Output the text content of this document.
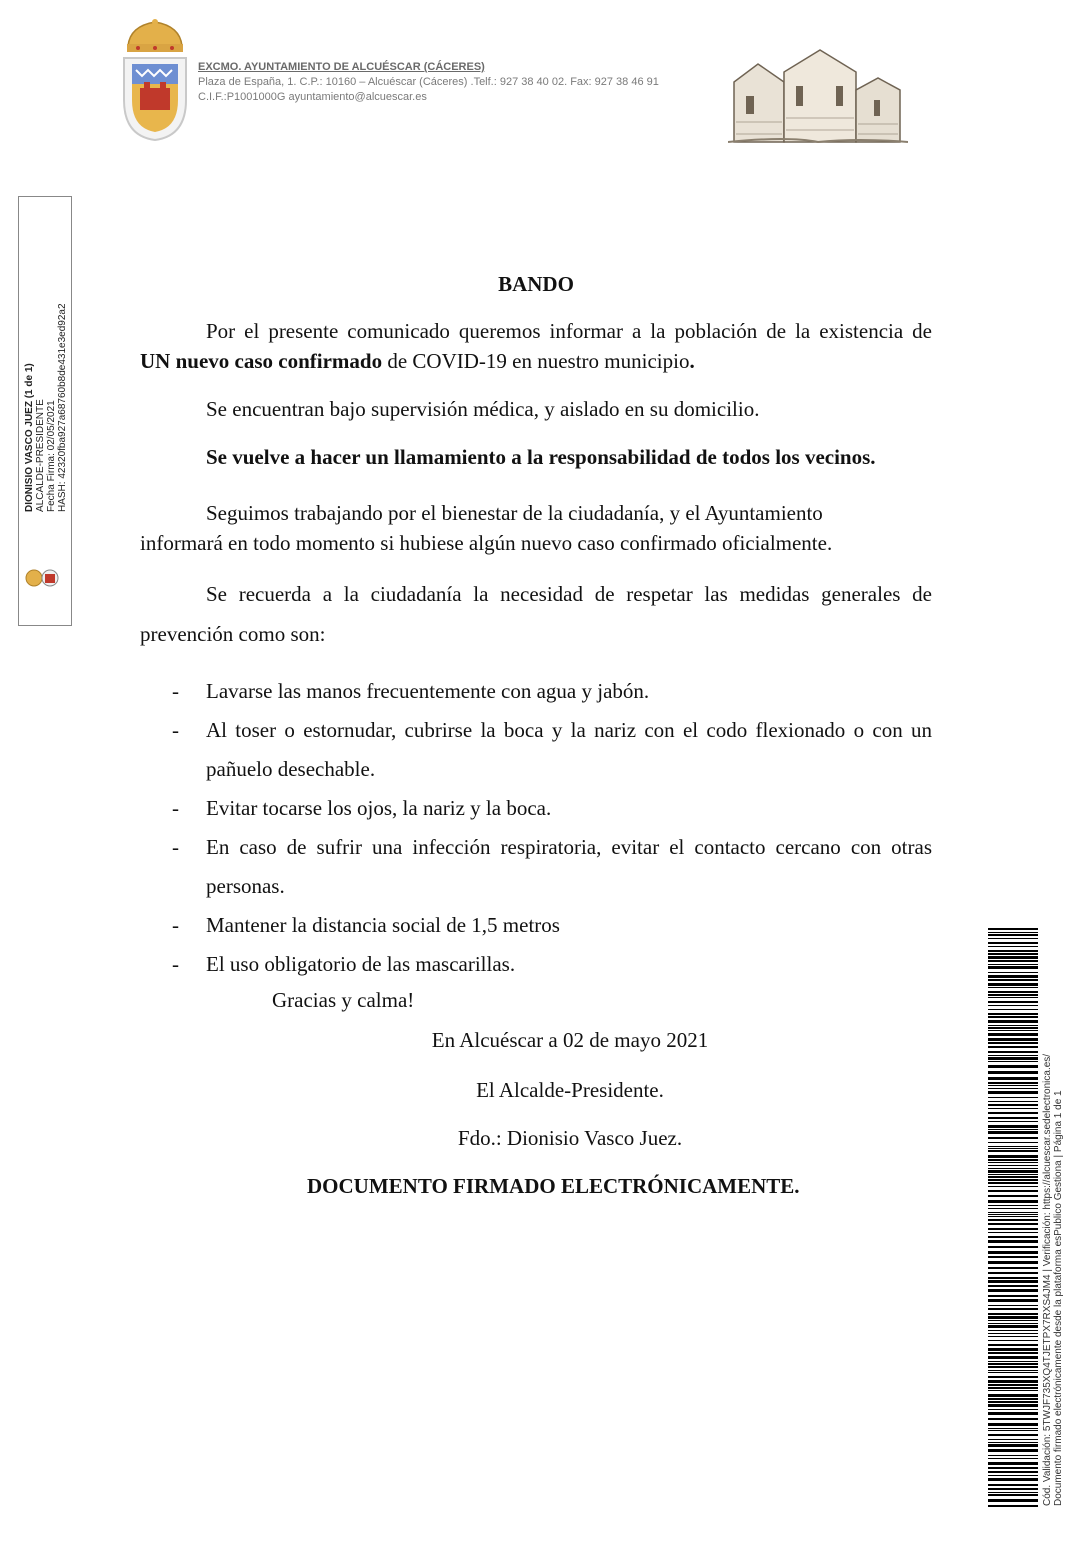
EXCMO. AYUNTAMIENTO DE ALCUÉSCAR (CÁCERES)
Plaza de España, 1. C.P.: 10160 – Alcuéscar (Cáceres) .Telf.: 927 38 40 02. Fax: 927 38 46 91
C.I.F.:P1001000G ayuntamiento@alcuescar.es
DIONISIO VASCO JUEZ (1 de 1) ALCALDE-PRESIDENTE Fecha Firma: 02/05/2021 HASH: 42320fba927a68760b8de431e3ed92a2
BANDO

Por el presente comunicado queremos informar a la población de la existencia de
UN nuevo caso confirmado de COVID-19 en nuestro municipio.

Se encuentran bajo supervisión médica, y aislado en su domicilio.

Se vuelve a hacer un llamamiento a la responsabilidad de todos los vecinos.

Seguimos trabajando por el bienestar de la ciudadanía, y el Ayuntamiento
informará en todo momento si hubiese algún nuevo caso confirmado oficialmente.

Se recuerda a la ciudadanía la necesidad de respetar las medidas generales de
prevención como son:

- Lavarse las manos frecuentemente con agua y jabón.
- Al toser o estornudar, cubrirse la boca y la nariz con el codo flexionado o con un pañuelo desechable.
- Evitar tocarse los ojos, la nariz y la boca.
- En caso de sufrir una infección respiratoria, evitar el contacto cercano con otras personas.
- Mantener la distancia social de 1,5 metros
- El uso obligatorio de las mascarillas.
Gracias y calma!
En Alcuéscar a 02 de mayo 2021
El Alcalde-Presidente.
Fdo.: Dionisio Vasco Juez.
DOCUMENTO FIRMADO ELECTRÓNICAMENTE.	Cód. Validación: 5TWJF735XQ4TJETPX7RXS4JM4 | Verificación: https://alcuescar.sedelectronica.es/ Documento firmado electrónicamente desde la plataforma esPublico Gestiona | Página 1 de 1
